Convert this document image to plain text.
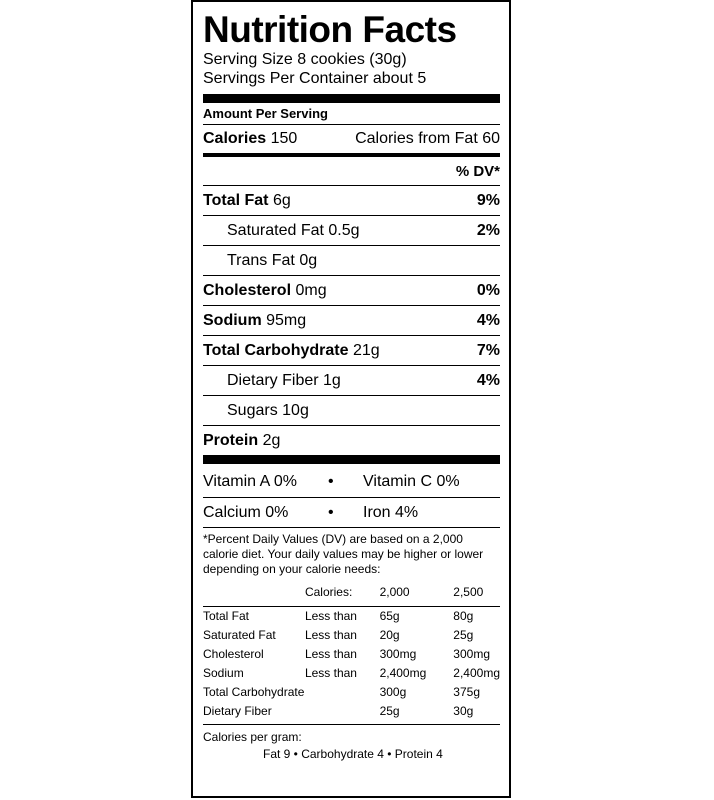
Nutrition Facts
Serving Size 8 cookies (30g)
Servings Per Container about 5
Amount Per Serving
Calories 150	Calories from Fat 60
% DV*
Total Fat 6g	9%
Saturated Fat 0.5g	2%
Trans Fat 0g
Cholesterol 0mg	0%
Sodium 95mg	4%
Total Carbohydrate 21g	7%
Dietary Fiber 1g	4%
Sugars 10g
Protein 2g
Vitamin A 0%	•	Vitamin C 0%
Calcium 0%	•	Iron 4%
*Percent Daily Values (DV) are based on a 2,000 calorie diet. Your daily values may be higher or lower depending on your calorie needs:
	Calories:	2,000	2,500

Total Fat	Less than	65g	80g
Saturated Fat	Less than	20g	25g
Cholesterol	Less than	300mg	300mg
Sodium	Less than	2,400mg	2,400mg
Total Carbohydrate		300g	375g
Dietary Fiber		25g	30g
Calories per gram:
Fat 9 • Carbohydrate 4 • Protein 4
